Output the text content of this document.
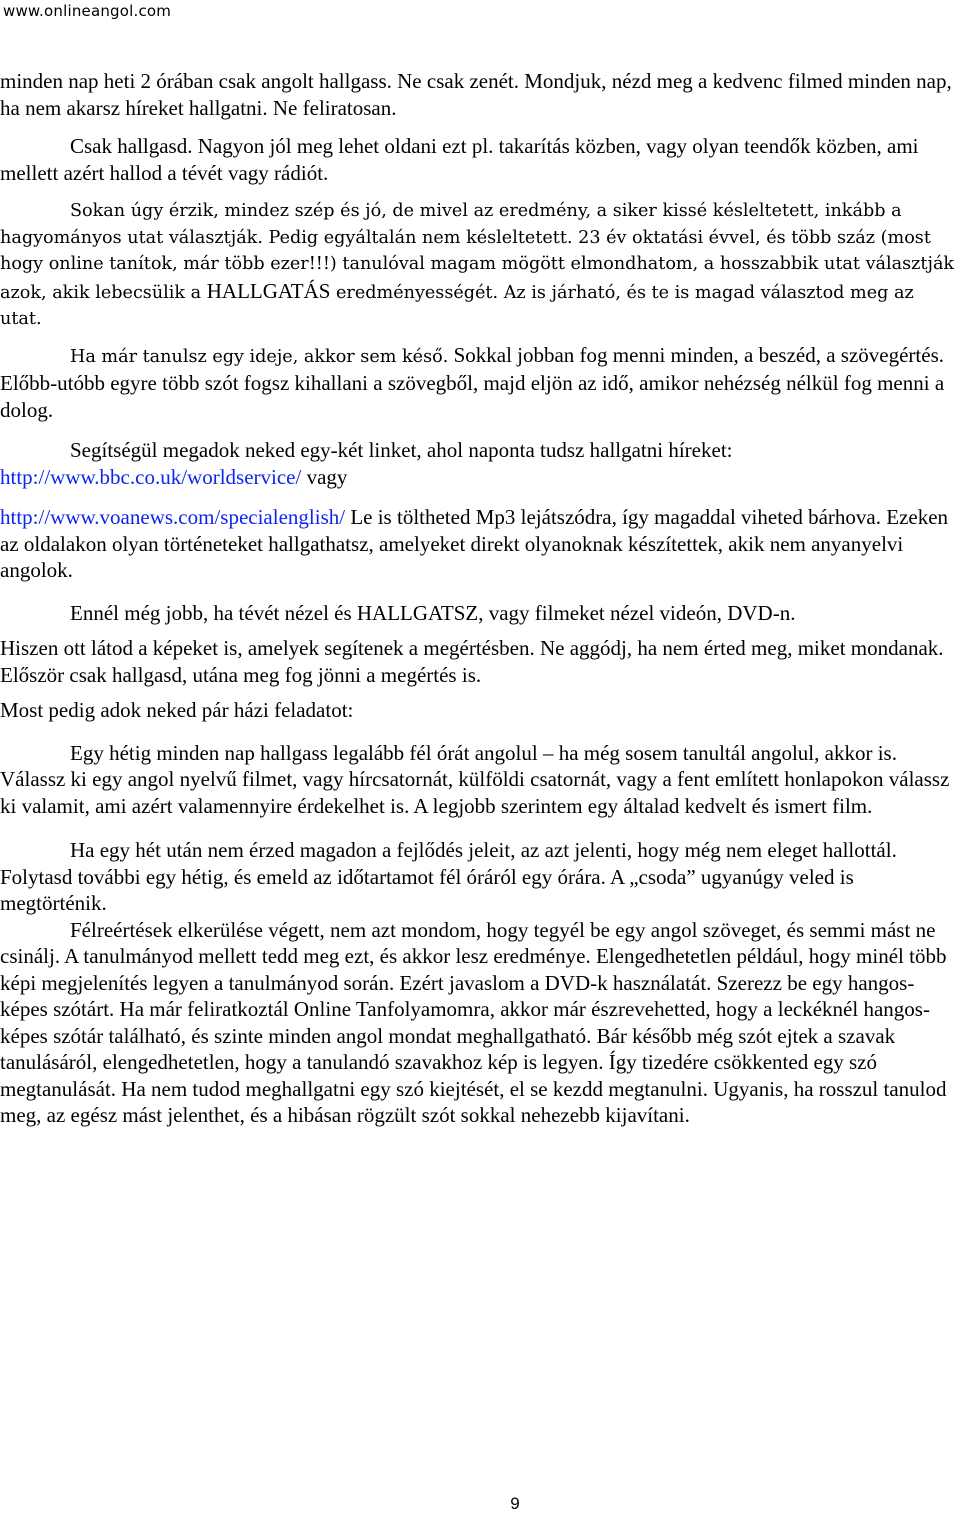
www.onlineangol.com

minden nap heti 2 órában csak angolt hallgass. Ne csak zenét. Mondjuk, nézd meg a kedvenc filmed minden nap, ha nem akarsz híreket hallgatni. Ne feliratosan.

Csak hallgasd. Nagyon jól meg lehet oldani ezt pl. takarítás közben, vagy olyan teendők közben, ami mellett azért hallod a tévét vagy rádiót.

Sokan úgy érzik, mindez szép és jó, de mivel az eredmény, a siker kissé késleltetett, inkább a hagyományos utat választják. Pedig egyáltalán nem késleltetett. 23 év oktatási évvel, és több száz (most hogy online tanítok, már több ezer!!!) tanulóval magam mögött elmondhatom, a hosszabbik utat választják azok, akik lebecsülik a HALLGATÁS eredményességét. Az is járható, és te is magad választod meg az utat.

Ha már tanulsz egy ideje, akkor sem késő. Sokkal jobban fog menni minden, a beszéd, a szövegértés. Előbb-utóbb egyre több szót fogsz kihallani a szövegből, majd eljön az idő, amikor nehézség nélkül fog menni a dolog.

Segítségül megadok neked egy-két linket, ahol naponta tudsz hallgatni híreket:

http://www.bbc.co.uk/worldservice/ vagy

http://www.voanews.com/specialenglish/ Le is töltheted Mp3 lejátszódra, így magaddal viheted bárhova. Ezeken az oldalakon olyan történeteket hallgathatsz, amelyeket direkt olyanoknak készítettek, akik nem anyanyelvi angolok.

Ennél még jobb, ha tévét nézel és HALLGATSZ, vagy filmeket nézel videón, DVD-n.

Hiszen ott látod a képeket is, amelyek segítenek a megértésben. Ne aggódj, ha nem érted meg, miket mondanak. Először csak hallgasd, utána meg fog jönni a megértés is.

Most pedig adok neked pár házi feladatot:

Egy hétig minden nap hallgass legalább fél órát angolul – ha még sosem tanultál angolul, akkor is. Válassz ki egy angol nyelvű filmet, vagy hírcsatornát, külföldi csatornát, vagy a fent említett honlapokon válassz ki valamit, ami azért valamennyire érdekelhet is. A legjobb szerintem egy általad kedvelt és ismert film.

Ha egy hét után nem érzed magadon a fejlődés jeleit, az azt jelenti, hogy még nem eleget hallottál. Folytasd további egy hétig, és emeld az időtartamot fél óráról egy órára. A „csoda” ugyanúgy veled is megtörténik.

Félreértések elkerülése végett, nem azt mondom, hogy tegyél be egy angol szöveget, és semmi mást ne csinálj. A tanulmányod mellett tedd meg ezt, és akkor lesz eredménye. Elengedhetetlen például, hogy minél több képi megjelenítés legyen a tanulmányod során. Ezért javaslom a DVD-k használatát. Szerezz be egy hangos-képes szótárt. Ha már feliratkoztál Online Tanfolyamomra, akkor már észrevehetted, hogy a leckéknél hangos-képes szótár található, és szinte minden angol mondat meghallgatható. Bár később még szót ejtek a szavak tanulásáról, elengedhetetlen, hogy a tanulandó szavakhoz kép is legyen. Így tizedére csökkented egy szó megtanulását. Ha nem tudod meghallgatni egy szó kiejtését, el se kezdd megtanulni. Ugyanis, ha rosszul tanulod meg, az egész mást jelenthet, és a hibásan rögzült szót sokkal nehezebb kijavítani.

9
